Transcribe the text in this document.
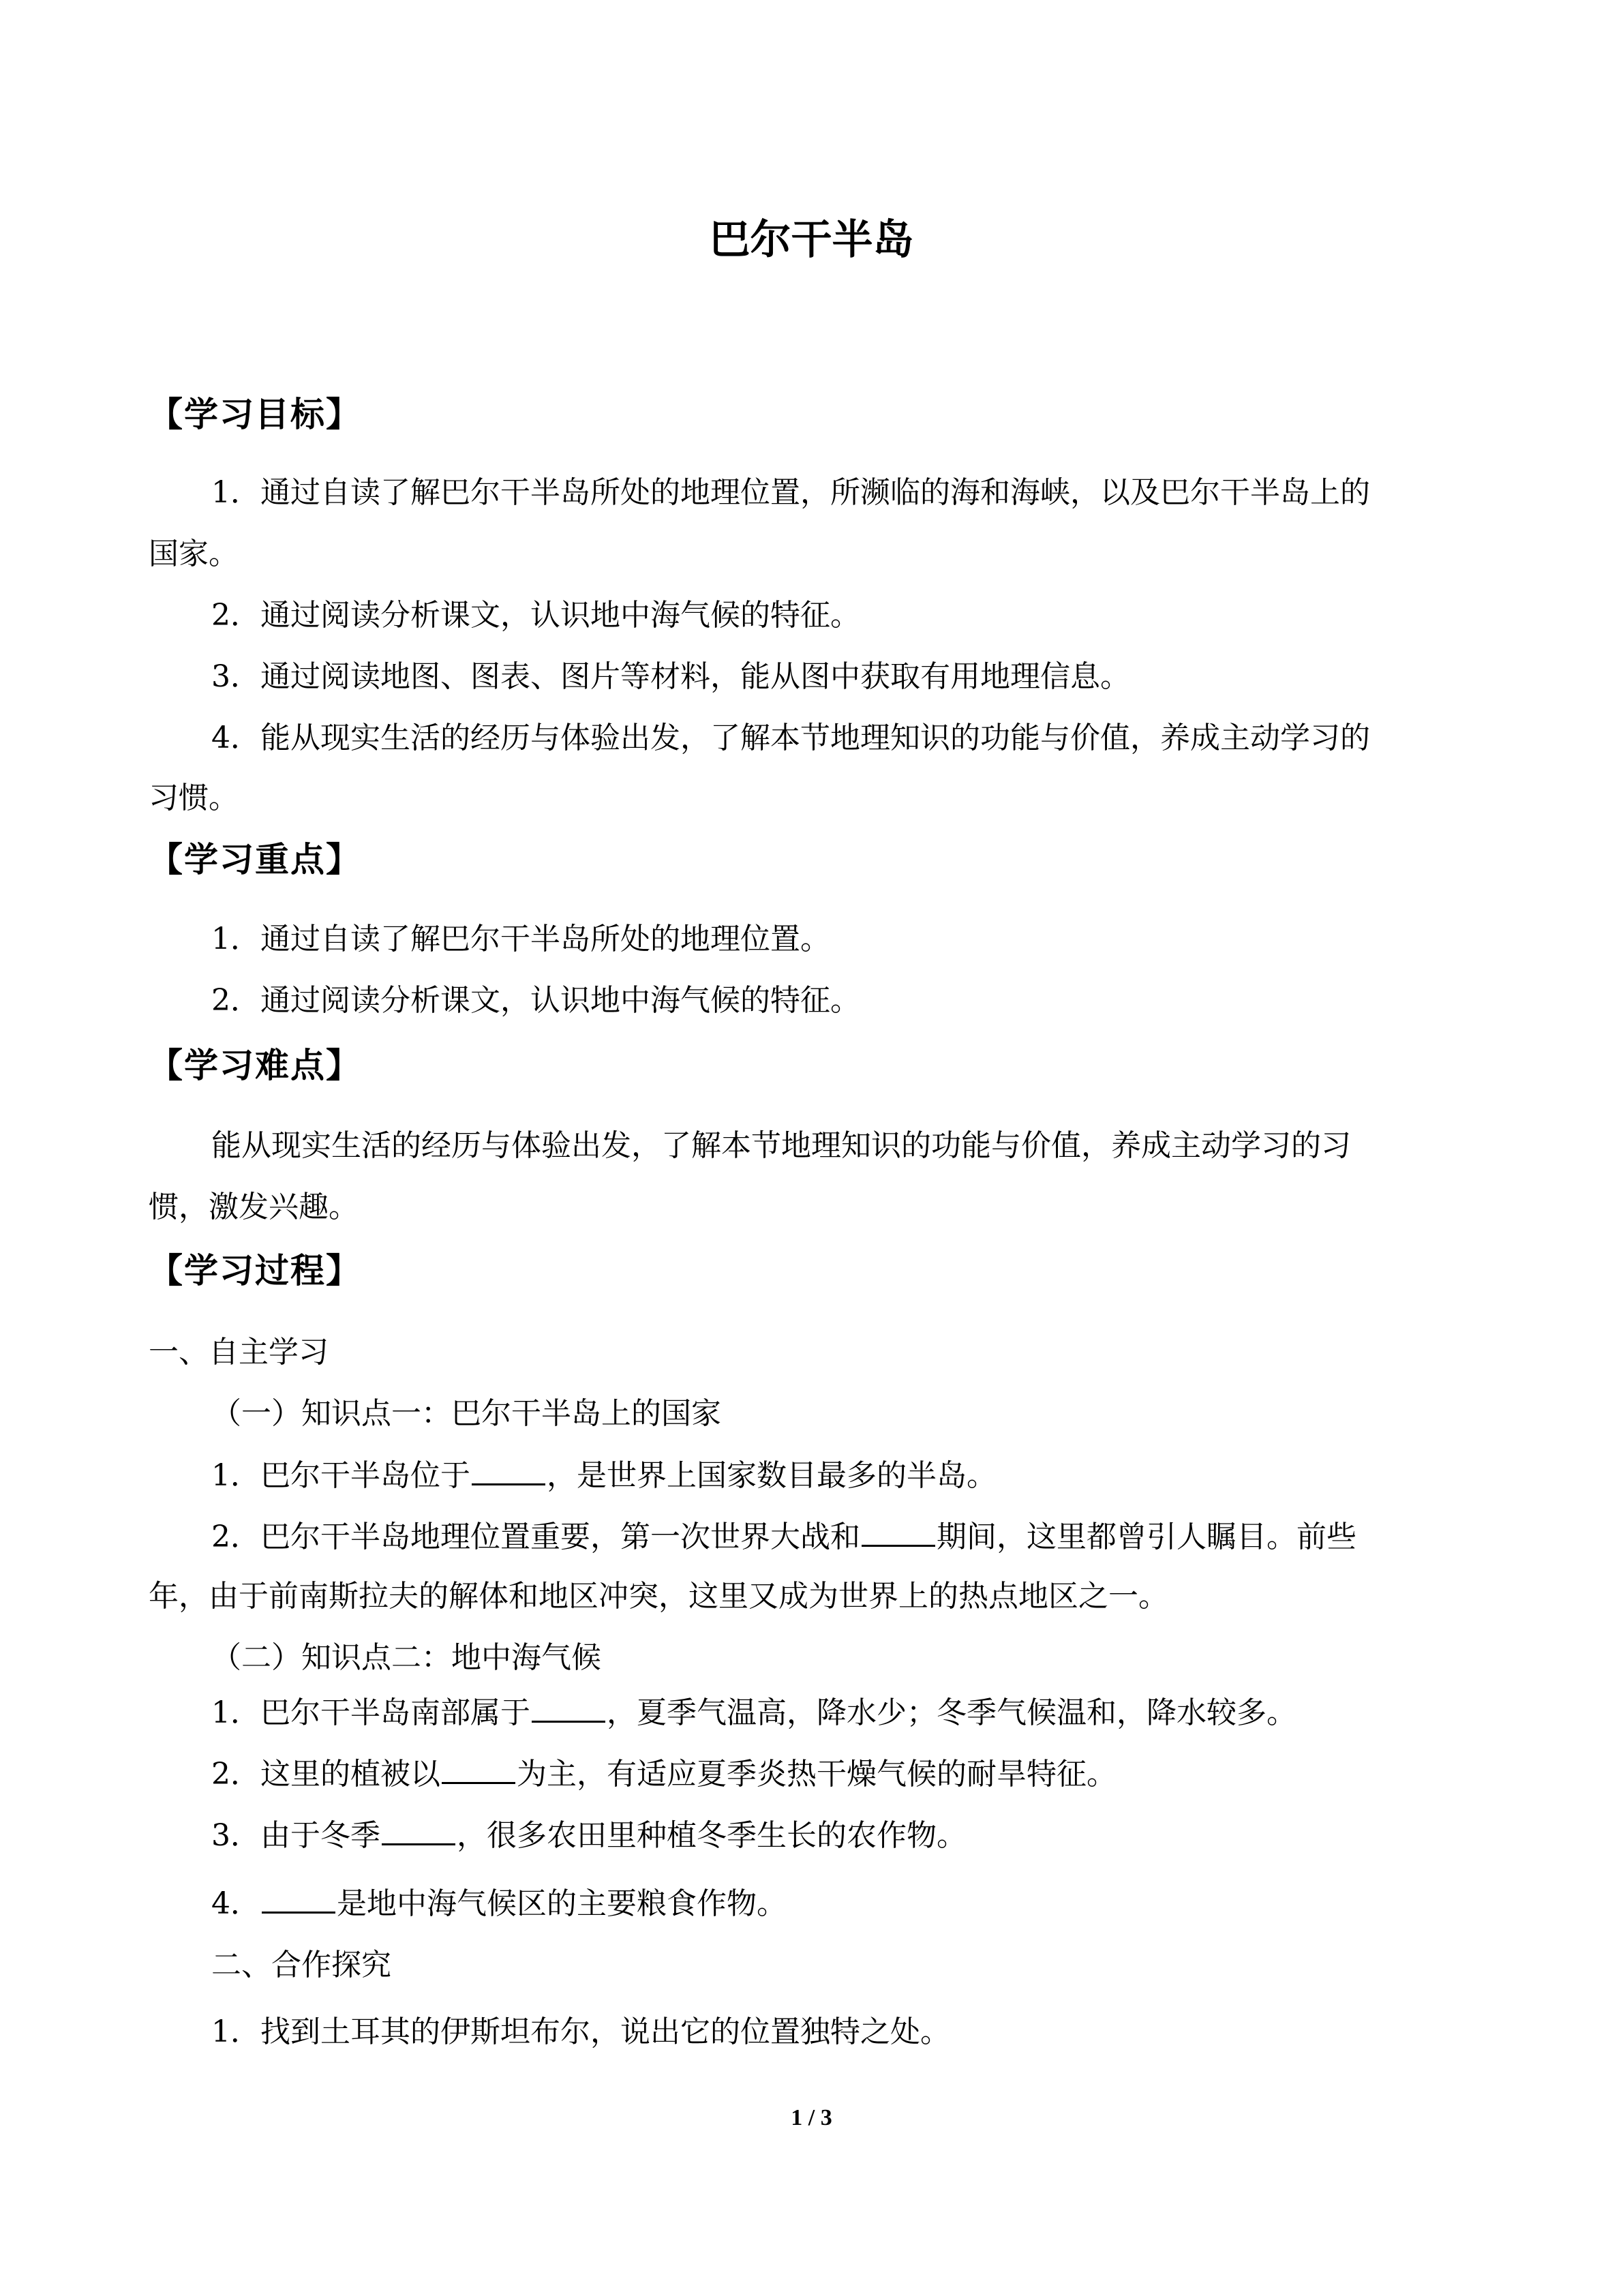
巴尔干半岛
【学习目标】
1．通过自读了解巴尔干半岛所处的地理位置，所濒临的海和海峡，以及巴尔干半岛上的
国家。
2．通过阅读分析课文，认识地中海气候的特征。
3．通过阅读地图、图表、图片等材料，能从图中获取有用地理信息。
4．能从现实生活的经历与体验出发，了解本节地理知识的功能与价值，养成主动学习的
习惯。
【学习重点】
1．通过自读了解巴尔干半岛所处的地理位置。
2．通过阅读分析课文，认识地中海气候的特征。
【学习难点】
能从现实生活的经历与体验出发，了解本节地理知识的功能与价值，养成主动学习的习
惯，激发兴趣。
【学习过程】
一、自主学习
（一）知识点一：巴尔干半岛上的国家
1．巴尔干半岛位于	，是世界上国家数目最多的半岛。
2．巴尔干半岛地理位置重要，第一次世界大战和	期间，这里都曾引人瞩目。前些
年，由于前南斯拉夫的解体和地区冲突，这里又成为世界上的热点地区之一。
（二）知识点二：地中海气候
1．巴尔干半岛南部属于	，夏季气温高，降水少；冬季气候温和，降水较多。
2．这里的植被以	为主，有适应夏季炎热干燥气候的耐旱特征。
3．由于冬季	，很多农田里种植冬季生长的农作物。
4．	是地中海气候区的主要粮食作物。
二、合作探究
1．找到土耳其的伊斯坦布尔，说出它的位置独特之处。
1 / 3
